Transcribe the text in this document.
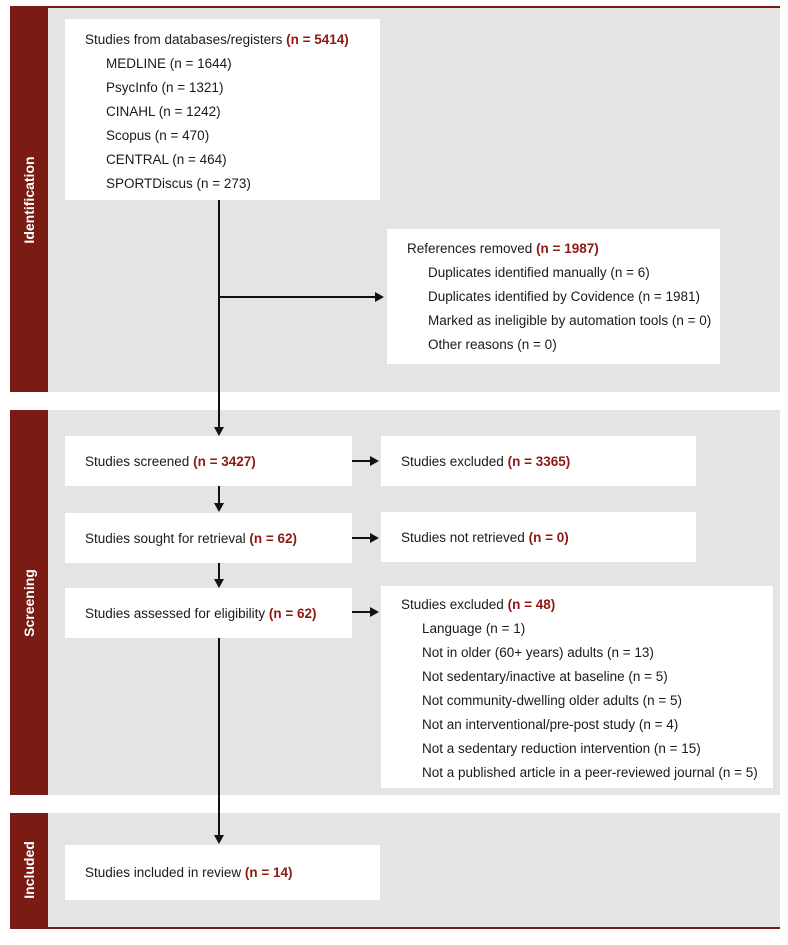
Identification
Screening
Included
Studies from databases/registers (n = 5414)
MEDLINE (n = 1644)
PsycInfo (n = 1321)
CINAHL (n = 1242)
Scopus (n = 470)
CENTRAL (n = 464)
SPORTDiscus (n = 273)
References removed (n = 1987)
Duplicates identified manually (n = 6)
Duplicates identified by Covidence (n = 1981)
Marked as ineligible by automation tools (n = 0)
Other reasons (n = 0)
Studies screened
(n = 3427)	Studies excluded
(n = 3365)
Studies sought for retrieval
(n = 62)	Studies not retrieved
(n = 0)
Studies assessed for eligibility
(n = 62)
Studies excluded (n = 48)
Language (n = 1)
Not in older (60+ years) adults (n = 13)
Not sedentary/inactive at baseline (n = 5)
Not community-dwelling older adults (n = 5)
Not an interventional/pre-post study (n = 4)
Not a sedentary reduction intervention (n = 15)
Not a published article in a peer-reviewed journal (n = 5)
Studies included in review
(n = 14)
